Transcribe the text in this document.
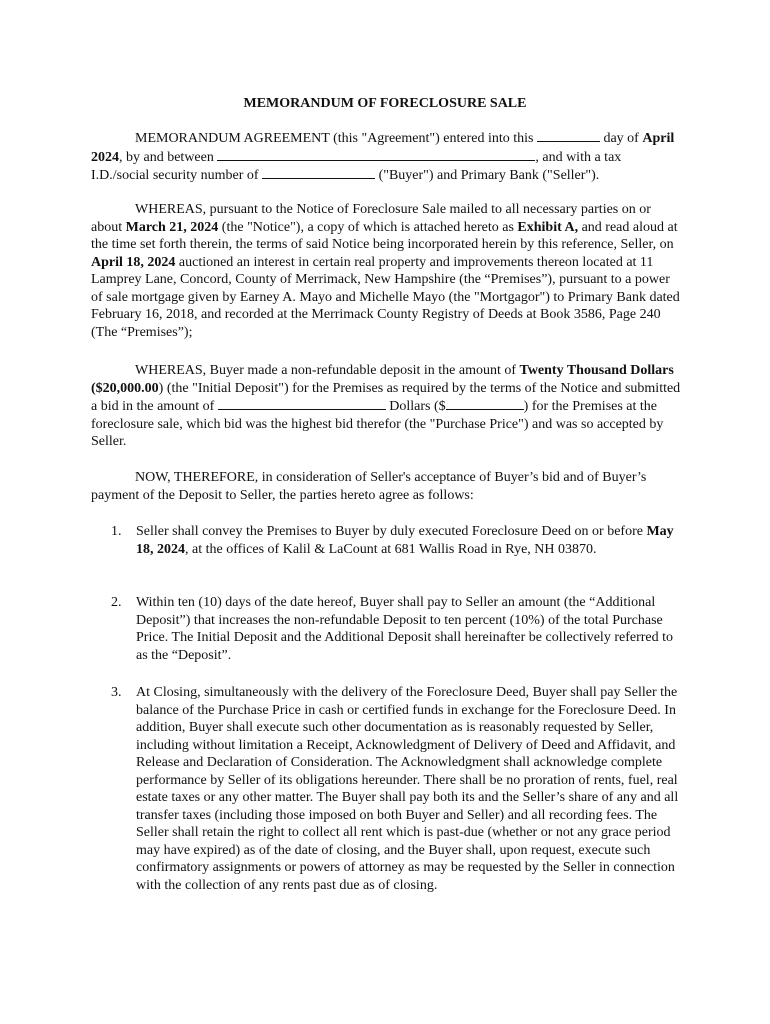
MEMORANDUM OF FORECLOSURE SALE

MEMORANDUM AGREEMENT (this "Agreement") entered into this	day of April 2024, by and between	, and with a tax I.D./social security number of	("Buyer") and Primary Bank ("Seller").

WHEREAS, pursuant to the Notice of Foreclosure Sale mailed to all necessary parties on or about March 21, 2024 (the "Notice"), a copy of which is attached hereto as Exhibit A, and read aloud at the time set forth therein, the terms of said Notice being incorporated herein by this reference, Seller, on April 18, 2024 auctioned an interest in certain real property and improvements thereon located at 11 Lamprey Lane, Concord, County of Merrimack, New Hampshire (the “Premises”), pursuant to a power of sale mortgage given by Earney A. Mayo and Michelle Mayo (the "Mortgagor") to Primary Bank dated February 16, 2018, and recorded at the Merrimack County Registry of Deeds at Book 3586, Page 240 (The “Premises”);

WHEREAS, Buyer made a non-refundable deposit in the amount of Twenty Thousand Dollars ($20,000.00) (the "Initial Deposit") for the Premises as required by the terms of the Notice and submitted a bid in the amount of	Dollars ($	) for the Premises at the foreclosure sale, which bid was the highest bid therefor (the "Purchase Price") and was so accepted by Seller.

NOW, THEREFORE, in consideration of Seller's acceptance of Buyer’s bid and of Buyer’s payment of the Deposit to Seller, the parties hereto agree as follows:

1.	Seller shall convey the Premises to Buyer by duly executed Foreclosure Deed on or before May 18, 2024, at the offices of Kalil & LaCount at 681 Wallis Road in Rye, NH 03870.

2.	Within ten (10) days of the date hereof, Buyer shall pay to Seller an amount (the “Additional Deposit”) that increases the non-refundable Deposit to ten percent (10%) of the total Purchase Price. The Initial Deposit and the Additional Deposit shall hereinafter be collectively referred to as the “Deposit”.

3.	At Closing, simultaneously with the delivery of the Foreclosure Deed, Buyer shall pay Seller the balance of the Purchase Price in cash or certified funds in exchange for the Foreclosure Deed. In addition, Buyer shall execute such other documentation as is reasonably requested by Seller, including without limitation a Receipt, Acknowledgment of Delivery of Deed and Affidavit, and Release and Declaration of Consideration. The Acknowledgment shall acknowledge complete performance by Seller of its obligations hereunder. There shall be no proration of rents, fuel, real estate taxes or any other matter. The Buyer shall pay both its and the Seller’s share of any and all transfer taxes (including those imposed on both Buyer and Seller) and all recording fees. The Seller shall retain the right to collect all rent which is past-due (whether or not any grace period may have expired) as of the date of closing, and the Buyer shall, upon request, execute such confirmatory assignments or powers of attorney as may be requested by the Seller in connection with the collection of any rents past due as of closing.
